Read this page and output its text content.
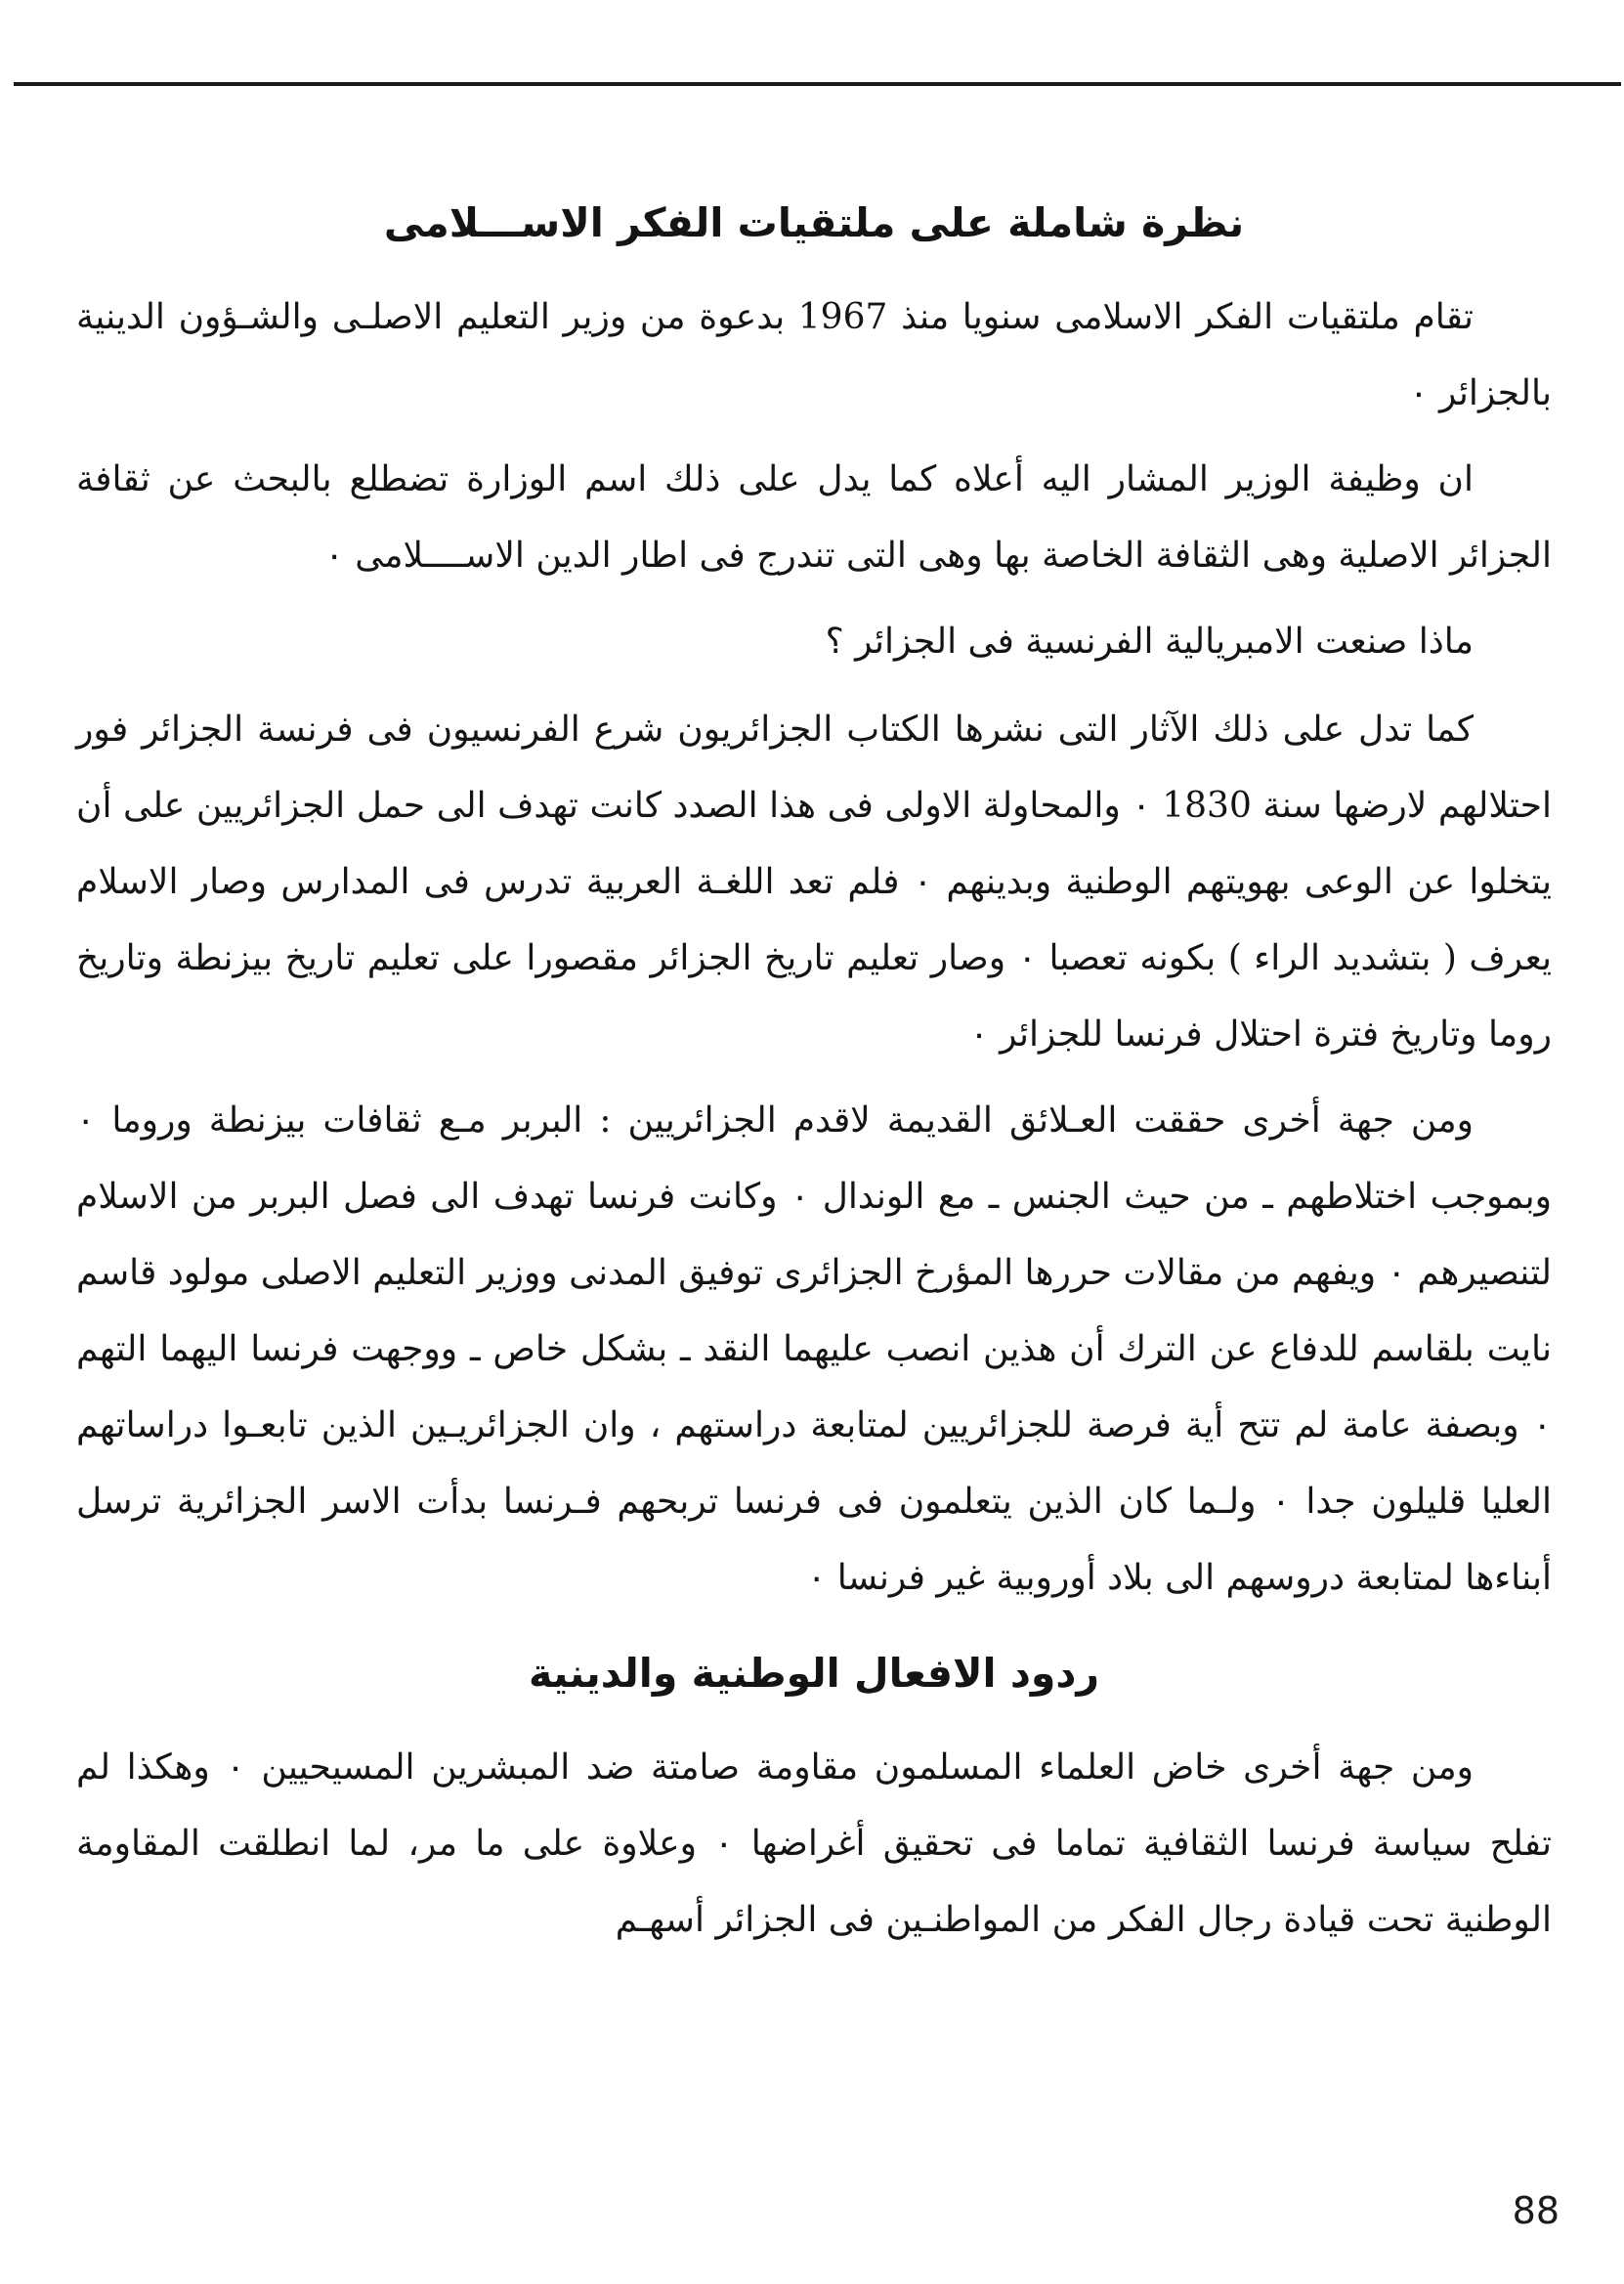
نظرة شاملة على ملتقيات الفكر الاســـلامى

تقام ملتقيات الفكر الاسلامى سنويا منذ 1967 بدعوة من وزير التعليم الاصلـى والشـؤون الدينية بالجزائر ٠

ان وظيفة الوزير المشار اليه أعلاه كما يدل على ذلك اسم الوزارة تضطلع بالبحث عن ثقافة الجزائر الاصلية وهى الثقافة الخاصة بها وهى التى تندرج فى اطار الدين الاســــلامى ٠

ماذا صنعت الامبريالية الفرنسية فى الجزائر ؟

كما تدل على ذلك الآثار التى نشرها الكتاب الجزائريون شرع الفرنسيون فى فرنسة الجزائر فور احتلالهم لارضها سنة 1830 ٠ والمحاولة الاولى فى هذا الصدد كانت تهدف الى حمل الجزائريين على أن يتخلوا عن الوعى بهويتهم الوطنية وبدينهم ٠ فلم تعد اللغـة العربية تدرس فى المدارس وصار الاسلام يعرف ( بتشديد الراء ) بكونه تعصبا ٠ وصار تعليم تاريخ الجزائر مقصورا على تعليم تاريخ بيزنطة وتاريخ روما وتاريخ فترة احتلال فرنسا للجزائر ٠

ومن جهة أخرى حققت العـلائق القديمة لاقدم الجزائريين : البربر مـع ثقافات بيزنطة وروما ٠ وبموجب اختلاطهم ـ من حيث الجنس ـ مع الوندال ٠ وكانت فرنسا تهدف الى فصل البربر من الاسلام لتنصيرهم ٠ ويفهم من مقالات حررها المؤرخ الجزائرى توفيق المدنى ووزير التعليم الاصلى مولود قاسم نايت بلقاسم للدفاع عن الترك أن هذين انصب عليهما النقد ـ بشكل خاص ـ ووجهت فرنسا اليهما التهم ٠ وبصفة عامة لم تتح أية فرصة للجزائريين لمتابعة دراستهم ، وان الجزائريـين الذين تابعـوا دراساتهم العليا قليلون جدا ٠ ولـما كان الذين يتعلمون فى فرنسا تربحهم فـرنسا بدأت الاسر الجزائرية ترسل أبناءها لمتابعة دروسهم الى بلاد أوروبية غير فرنسا ٠

ردود الافعال الوطنية والدينية

ومن جهة أخرى خاض العلماء المسلمون مقاومة صامتة ضد المبشرين المسيحيين ٠ وهكذا لم تفلح سياسة فرنسا الثقافية تماما فى تحقيق أغراضها ٠ وعلاوة على ما مر، لما انطلقت المقاومة الوطنية تحت قيادة رجال الفكر من المواطنـين فى الجزائر أسهـم

88
